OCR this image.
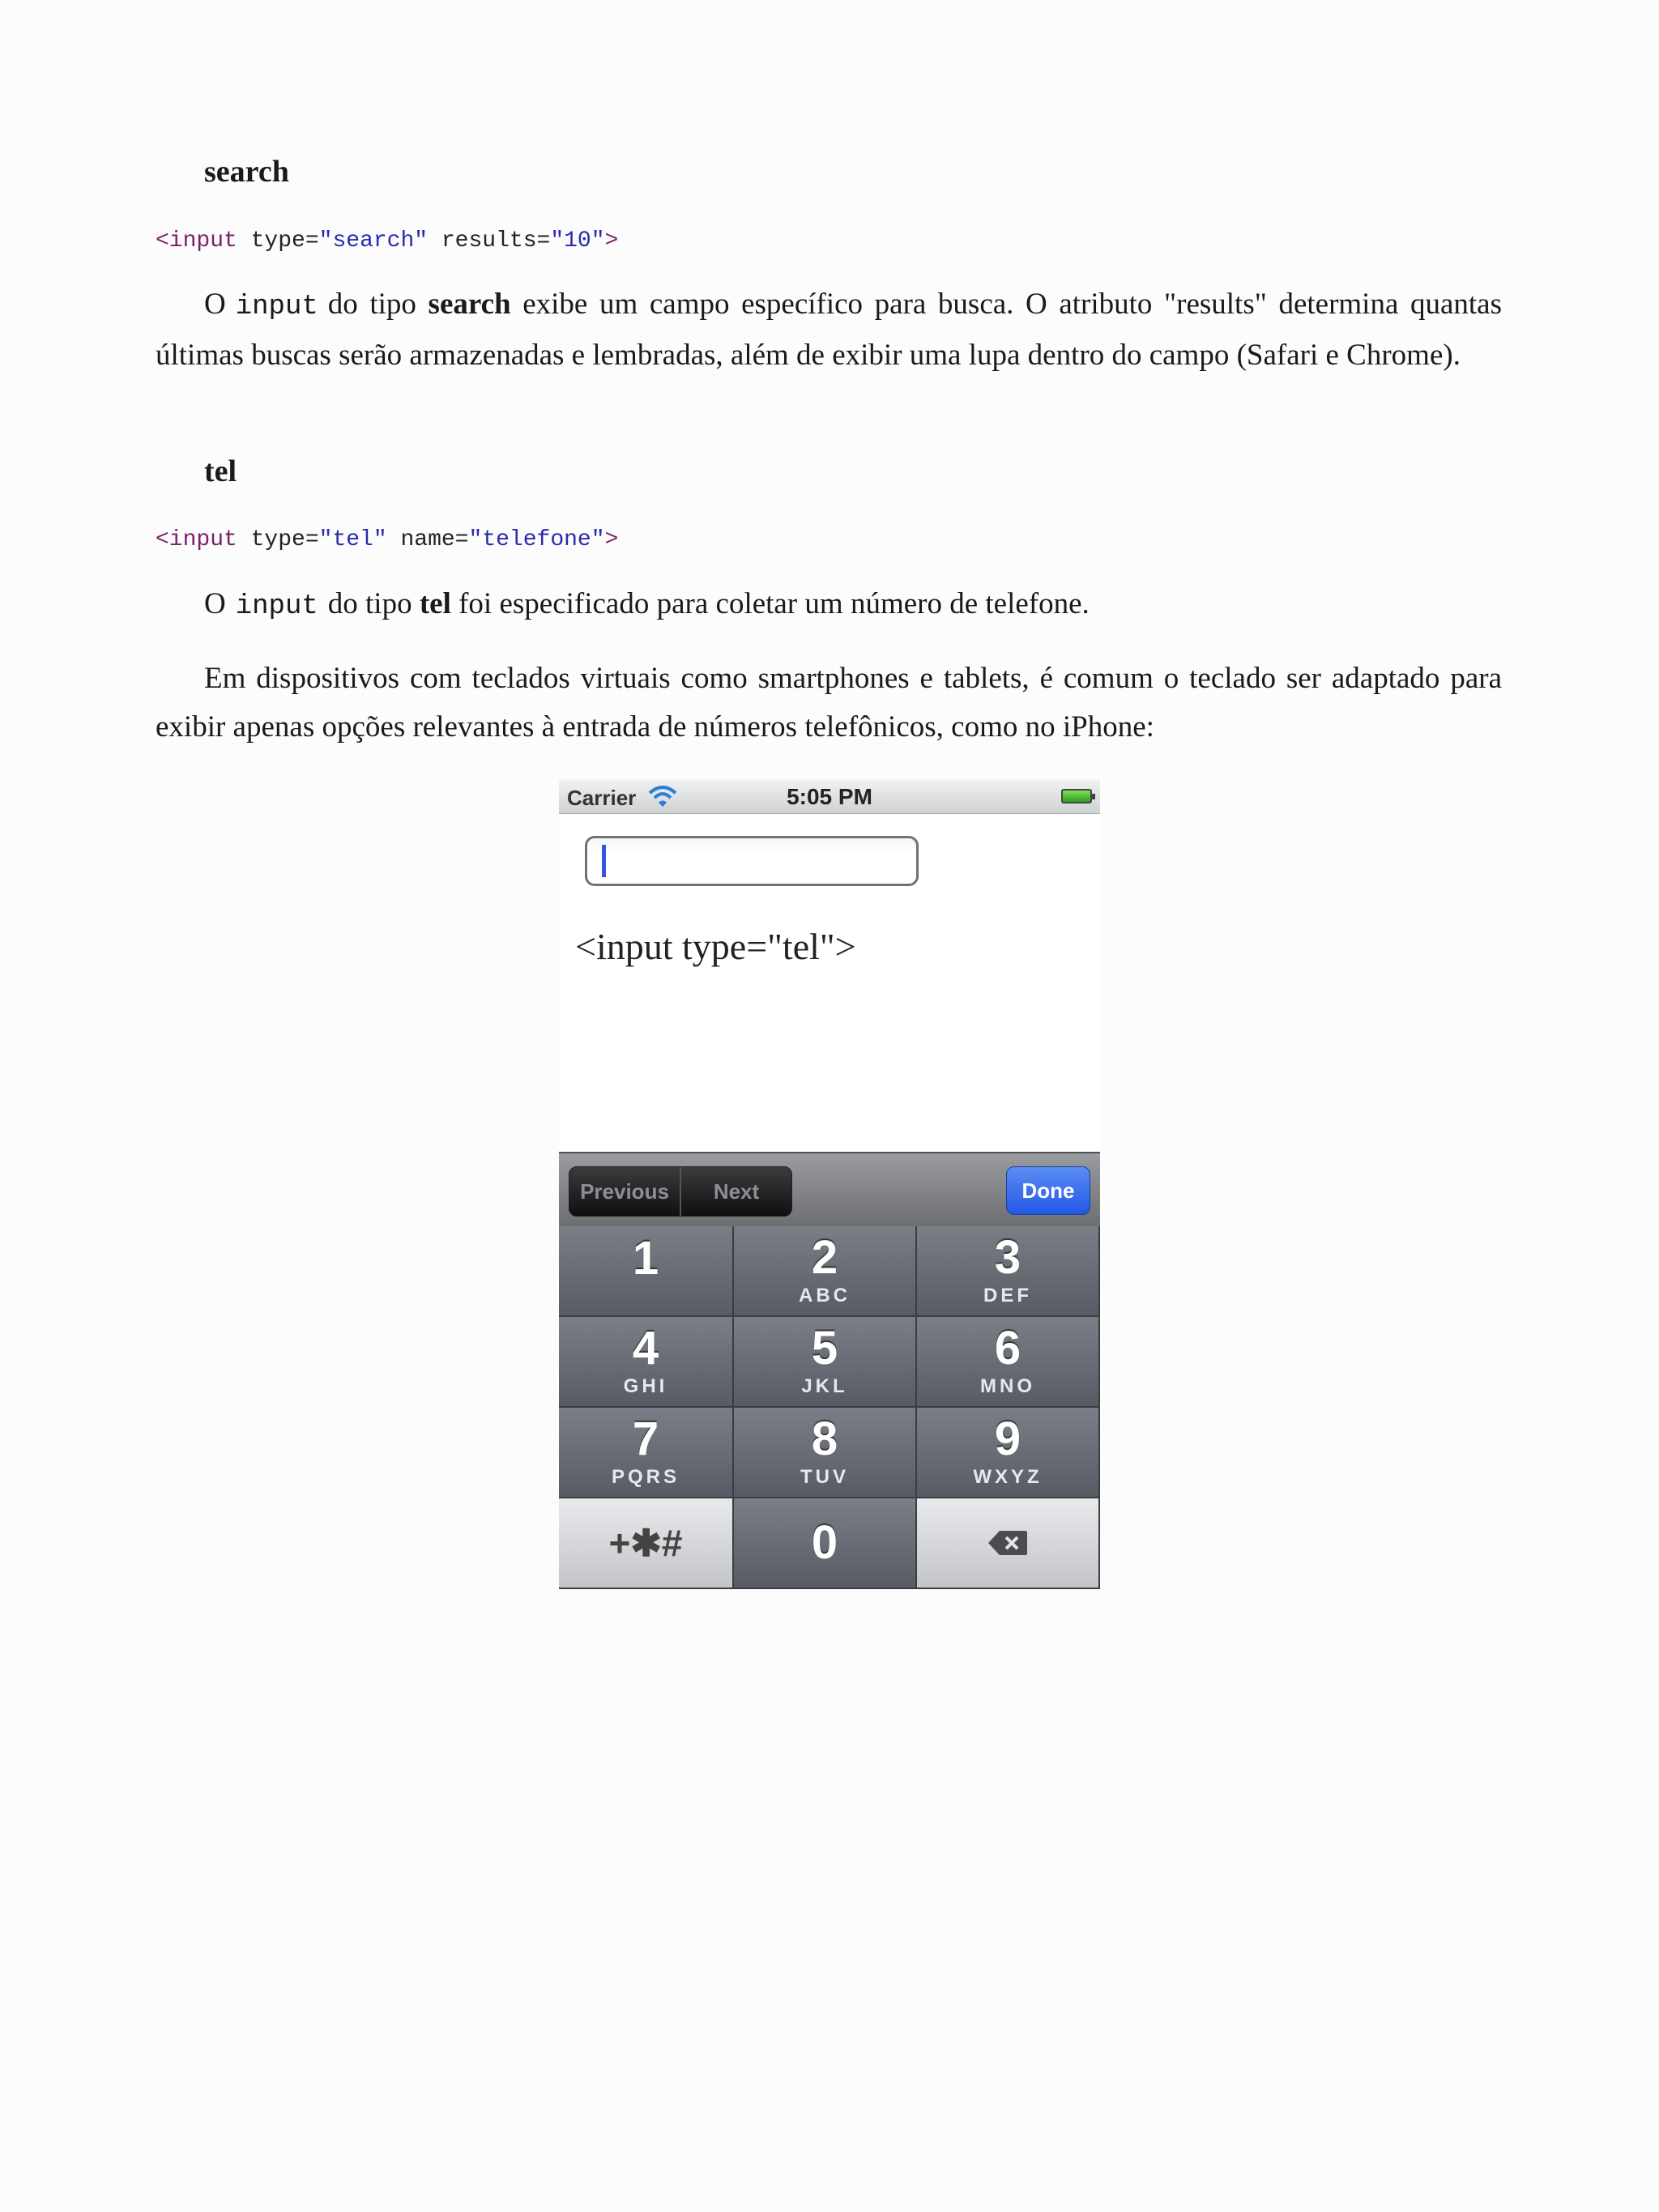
search
<input type="search" results="10">

O input do tipo search exibe um campo específico para busca. O atributo "results" determina quantas últimas buscas serão armazenadas e lembradas, além de exibir uma lupa dentro do campo (Safari e Chrome).

tel
<input type="tel" name="telefone">

O input do tipo tel foi especificado para coletar um número de telefone.

Em dispositivos com teclados virtuais como smartphones e tablets, é comum o teclado ser adaptado para exibir apenas opções relevantes à entrada de números telefônicos, como no iPhone:

Carrier	5:05 PM
<input type="tel">
Previous	Next	Done
1	2
ABC
3
DEF
4
GHI
5
JKL
6
MNO
7
PQRS
8
TUV
9
WXYZ
+✱#	0
